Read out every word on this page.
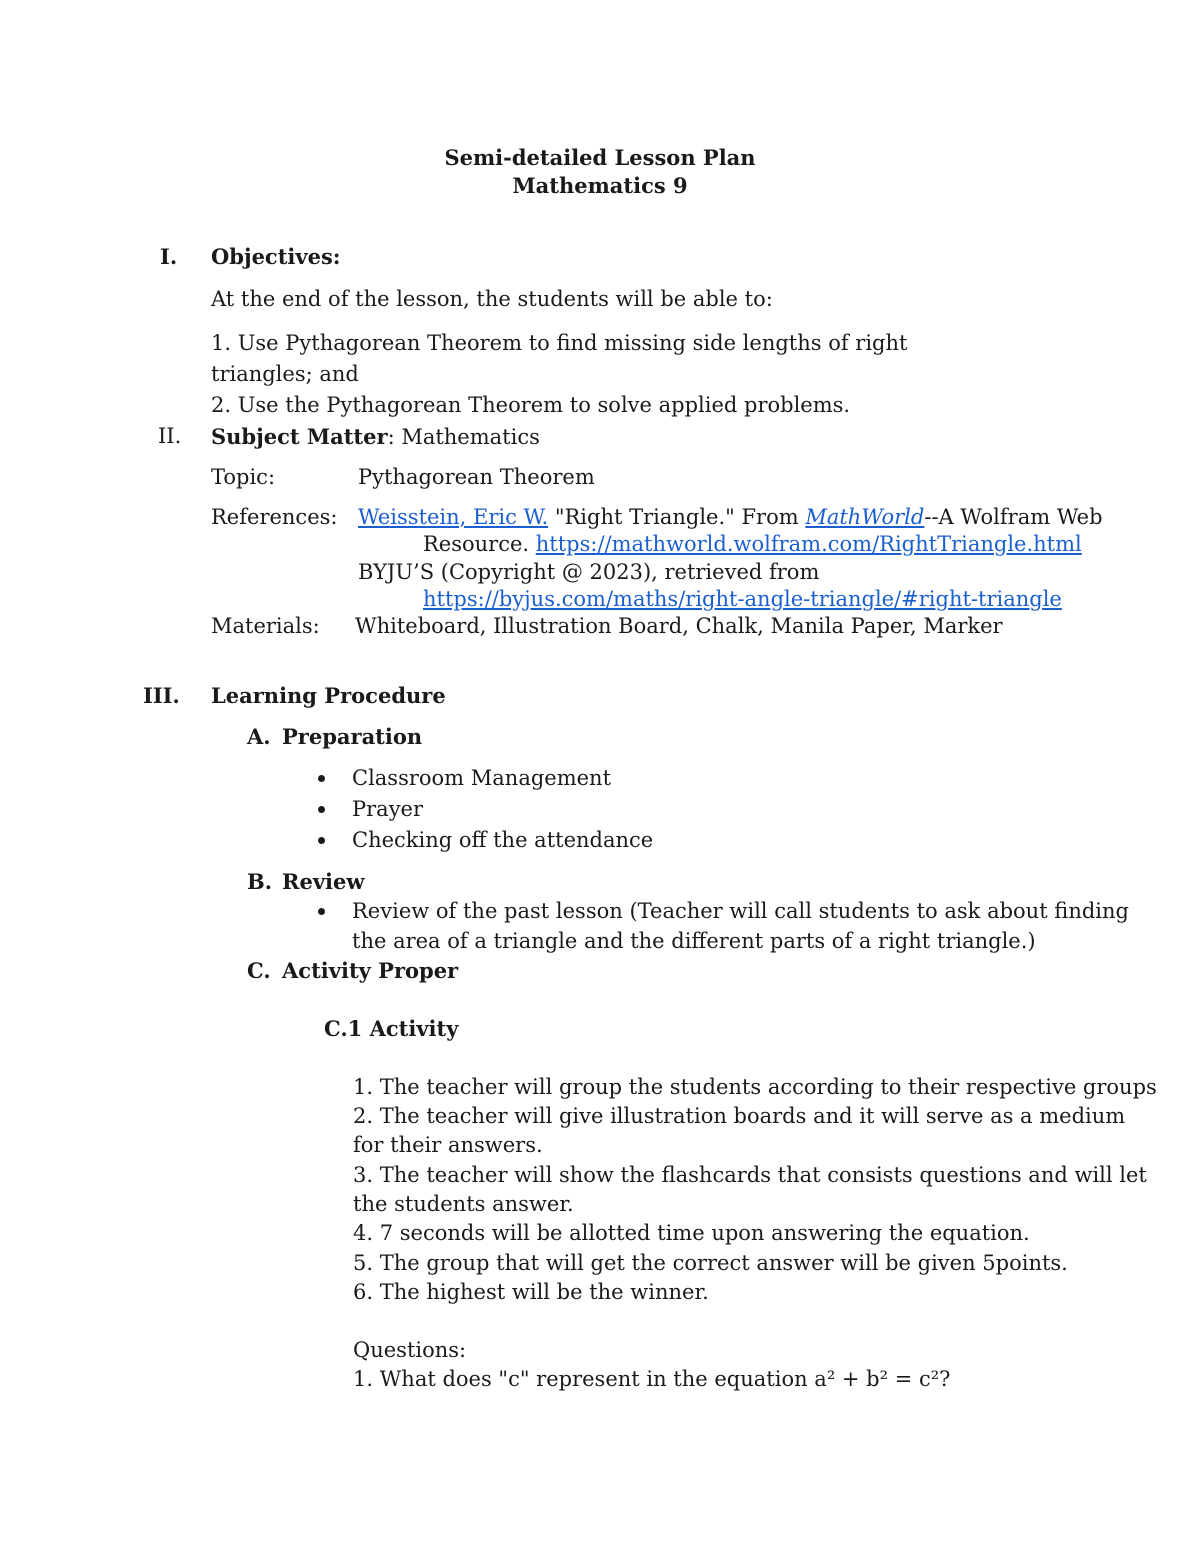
Semi-detailed Lesson Plan
Mathematics 9
I. Objectives:
At the end of the lesson, the students will be able to:
1. Use Pythagorean Theorem to find missing side lengths of right
triangles; and
2. Use the Pythagorean Theorem to solve applied problems.
II. Subject Matter: Mathematics
Topic:	Pythagorean Theorem
References: Weisstein, Eric W. "Right Triangle." From MathWorld--A Wolfram Web
Resource. https://mathworld.wolfram.com/RightTriangle.html
BYJU’S (Copyright @ 2023), retrieved from
https://byjus.com/maths/right-angle-triangle/#right-triangle
Materials: Whiteboard, Illustration Board, Chalk, Manila Paper, Marker
III. Learning Procedure
A. Preparation
Classroom Management
Prayer
Checking off the attendance
B. Review
Review of the past lesson (Teacher will call students to ask about finding
the area of a triangle and the different parts of a right triangle.)
C. Activity Proper
C.1 Activity
1. The teacher will group the students according to their respective groups
2. The teacher will give illustration boards and it will serve as a medium
for their answers.
3. The teacher will show the flashcards that consists questions and will let
the students answer.
4. 7 seconds will be allotted time upon answering the equation.
5. The group that will get the correct answer will be given 5points.
6. The highest will be the winner.
Questions:
1. What does "c" represent in the equation a² + b² = c²?
